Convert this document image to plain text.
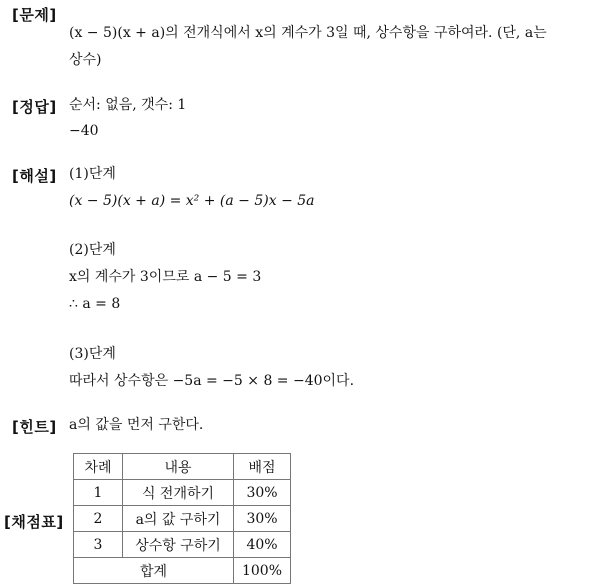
[문제]
(x − 5)(x + a)의 전개식에서 x의 계수가 3일 때, 상수항을 구하여라. (단, a는
상수)
[정답] 순서: 없음, 갯수: 1
−40
[해설] (1)단계
(x − 5)(x + a) = x² + (a − 5)x − 5a
(2)단계
x의 계수가 3이므로 a − 5 = 3
∴ a = 8
(3)단계
따라서 상수항은 −5a = −5 × 8 = −40이다.
[힌트] a의 값을 먼저 구한다.
[채점표]
차례	내용	배점
1	식 전개하기	30%
2	a의 값 구하기	30%
3	상수항 구하기	40%
합계		100%
